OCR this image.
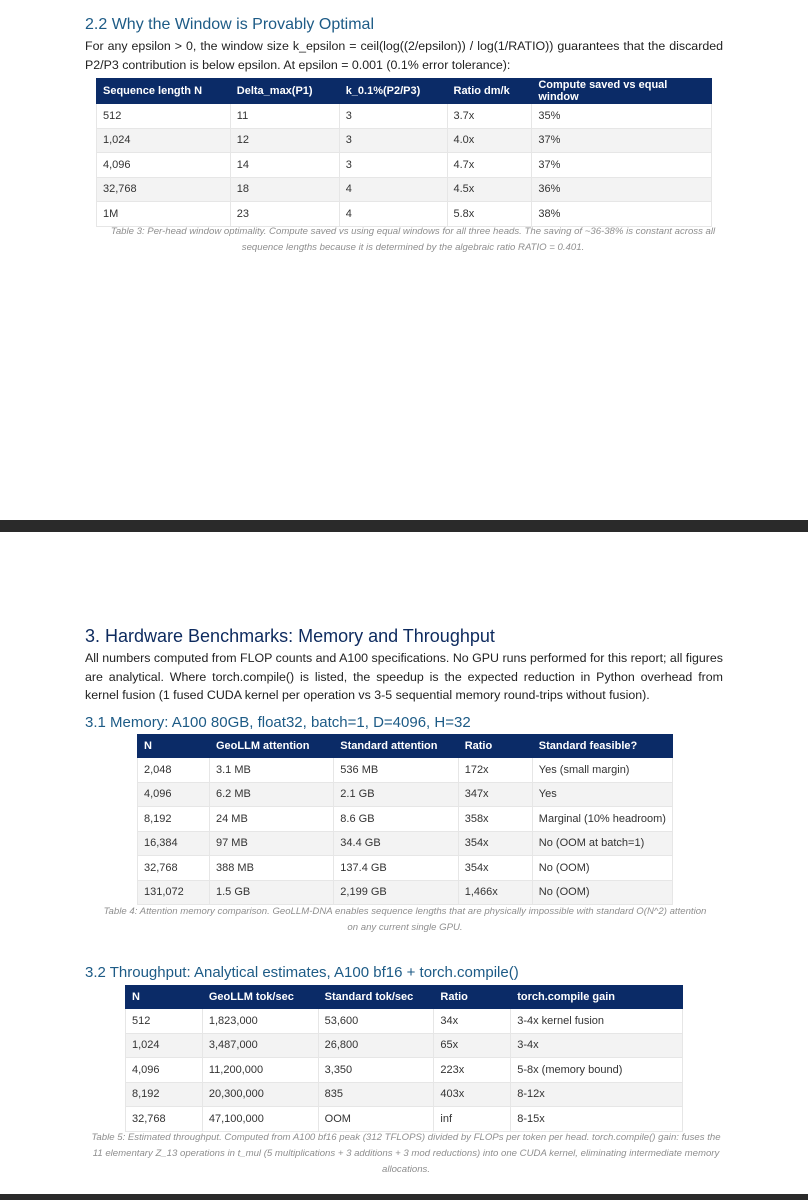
2.2 Why the Window is Provably Optimal
For any epsilon > 0, the window size k_epsilon = ceil(log((2/epsilon)) / log(1/RATIO)) guarantees that the discarded P2/P3 contribution is below epsilon. At epsilon = 0.001 (0.1% error tolerance):
Sequence length N	Delta_max(P1)	k_0.1%(P2/P3)	Ratio dm/k	Compute saved vs equal window
512	11	3	3.7x	35%
1,024	12	3	4.0x	37%
4,096	14	3	4.7x	37%
32,768	18	4	4.5x	36%
1M	23	4	5.8x	38%
Table 3: Per-head window optimality. Compute saved vs using equal windows for all three heads. The saving of ~36-38% is constant across all sequence lengths because it is determined by the algebraic ratio RATIO = 0.401.
3. Hardware Benchmarks: Memory and Throughput
All numbers computed from FLOP counts and A100 specifications. No GPU runs performed for this report; all figures are analytical. Where torch.compile() is listed, the speedup is the expected reduction in Python overhead from kernel fusion (1 fused CUDA kernel per operation vs 3-5 sequential memory round-trips without fusion).
3.1 Memory: A100 80GB, float32, batch=1, D=4096, H=32
N	GeoLLM attention	Standard attention	Ratio	Standard feasible?
2,048	3.1 MB	536 MB	172x	Yes (small margin)
4,096	6.2 MB	2.1 GB	347x	Yes
8,192	24 MB	8.6 GB	358x	Marginal (10% headroom)
16,384	97 MB	34.4 GB	354x	No (OOM at batch=1)
32,768	388 MB	137.4 GB	354x	No (OOM)
131,072	1.5 GB	2,199 GB	1,466x	No (OOM)
Table 4: Attention memory comparison. GeoLLM-DNA enables sequence lengths that are physically impossible with standard O(N^2) attention on any current single GPU.
3.2 Throughput: Analytical estimates, A100 bf16 + torch.compile()
N	GeoLLM tok/sec	Standard tok/sec	Ratio	torch.compile gain
512	1,823,000	53,600	34x	3-4x kernel fusion
1,024	3,487,000	26,800	65x	3-4x
4,096	11,200,000	3,350	223x	5-8x (memory bound)
8,192	20,300,000	835	403x	8-12x
32,768	47,100,000	OOM	inf	8-15x
Table 5: Estimated throughput. Computed from A100 bf16 peak (312 TFLOPS) divided by FLOPs per token per head. torch.compile() gain: fuses the 11 elementary Z_13 operations in t_mul (5 multiplications + 3 additions + 3 mod reductions) into one CUDA kernel, eliminating intermediate memory allocations.
